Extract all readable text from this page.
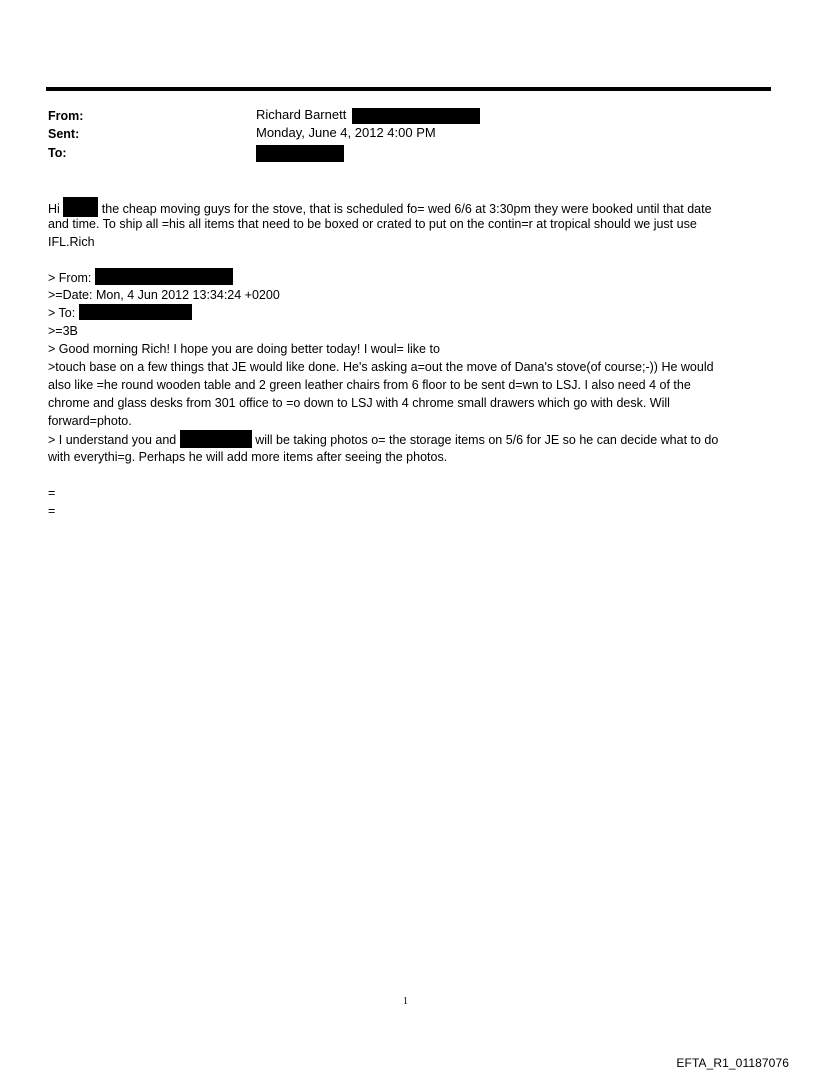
From:	Richard Barnett
Sent:	Monday, June 4, 2012 4:00 PM
To:
Hi	the cheap moving guys for the stove, that is scheduled fo= wed 6/6 at 3:30pm they were booked until that date
and time. To ship all =his all items that need to be boxed or crated to put on the contin=r at tropical should we just use
IFL.Rich
> From:
>=Date: Mon, 4 Jun 2012 13:34:24 +0200
> To:
>=3B
> Good morning Rich! I hope you are doing better today! I woul= like to
>touch base on a few things that JE would like done. He's asking a=out the move of Dana's stove(of course;-)) He would
also like =he round wooden table and 2 green leather chairs from 6 floor to be sent d=wn to LSJ. I also need 4 of the
chrome and glass desks from 301 office to =o down to LSJ with 4 chrome small drawers which go with desk. Will
forward=photo.
> I understand you and	will be taking photos o= the storage items on 5/6 for JE so he can decide what to do
with everythi=g. Perhaps he will add more items after seeing the photos.
=
=
1
EFTA_R1_01187076
